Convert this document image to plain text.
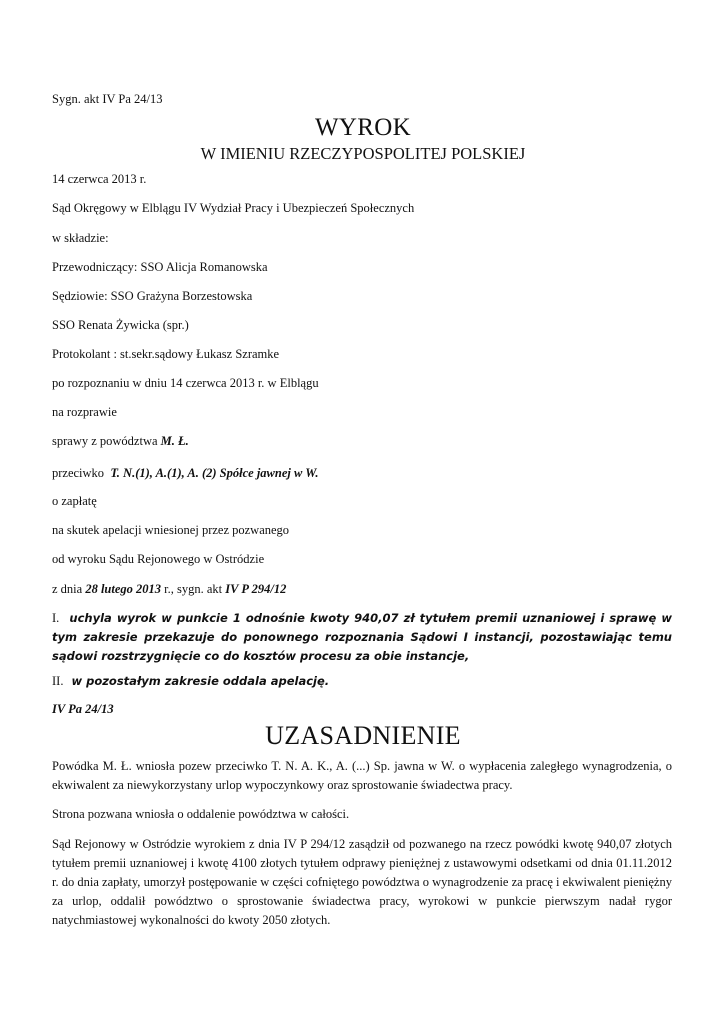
Sygn. akt IV Pa 24/13
WYROK
W IMIENIU RZECZYPOSPOLITEJ POLSKIEJ
14 czerwca 2013 r.
Sąd Okręgowy w Elblągu IV Wydział Pracy i Ubezpieczeń Społecznych
w składzie:
Przewodniczący: SSO Alicja Romanowska
Sędziowie: SSO Grażyna Borzestowska
SSO Renata Żywicka (spr.)
Protokolant : st.sekr.sądowy Łukasz Szramke
po rozpoznaniu w dniu 14 czerwca 2013 r. w Elblągu
na rozprawie
sprawy z powództwa M. Ł.
przeciwko T. N.(1), A.(1), A. (2) Spółce jawnej w W.
o zapłatę
na skutek apelacji wniesionej przez pozwanego
od wyroku Sądu Rejonowego w Ostródzie
z dnia 28 lutego 2013 r., sygn. akt IV P 294/12
I. uchyla wyrok w punkcie 1 odnośnie kwoty 940,07 zł tytułem premii uznaniowej i sprawę w tym zakresie przekazuje do ponownego rozpoznania Sądowi I instancji, pozostawiając temu sądowi rozstrzygnięcie co do kosztów procesu za obie instancje,
II. w pozostałym zakresie oddala apelację.
IV Pa 24/13
UZASADNIENIE
Powódka M. Ł. wniosła pozew przeciwko T. N. A. K., A. (...) Sp. jawna w W. o wypłacenia zaległego wynagrodzenia, o ekwiwalent za niewykorzystany urlop wypoczynkowy oraz sprostowanie świadectwa pracy.
Strona pozwana wniosła o oddalenie powództwa w całości.
Sąd Rejonowy w Ostródzie wyrokiem z dnia IV P 294/12 zasądził od pozwanego na rzecz powódki kwotę 940,07 złotych tytułem premii uznaniowej i kwotę 4100 złotych tytułem odprawy pieniężnej z ustawowymi odsetkami od dnia 01.11.2012 r. do dnia zapłaty, umorzył postępowanie w części cofniętego powództwa o wynagrodzenie za pracę i ekwiwalent pieniężny za urlop, oddalił powództwo o sprostowanie świadectwa pracy, wyrokowi w punkcie pierwszym nadał rygor natychmiastowej wykonalności do kwoty 2050 złotych.
